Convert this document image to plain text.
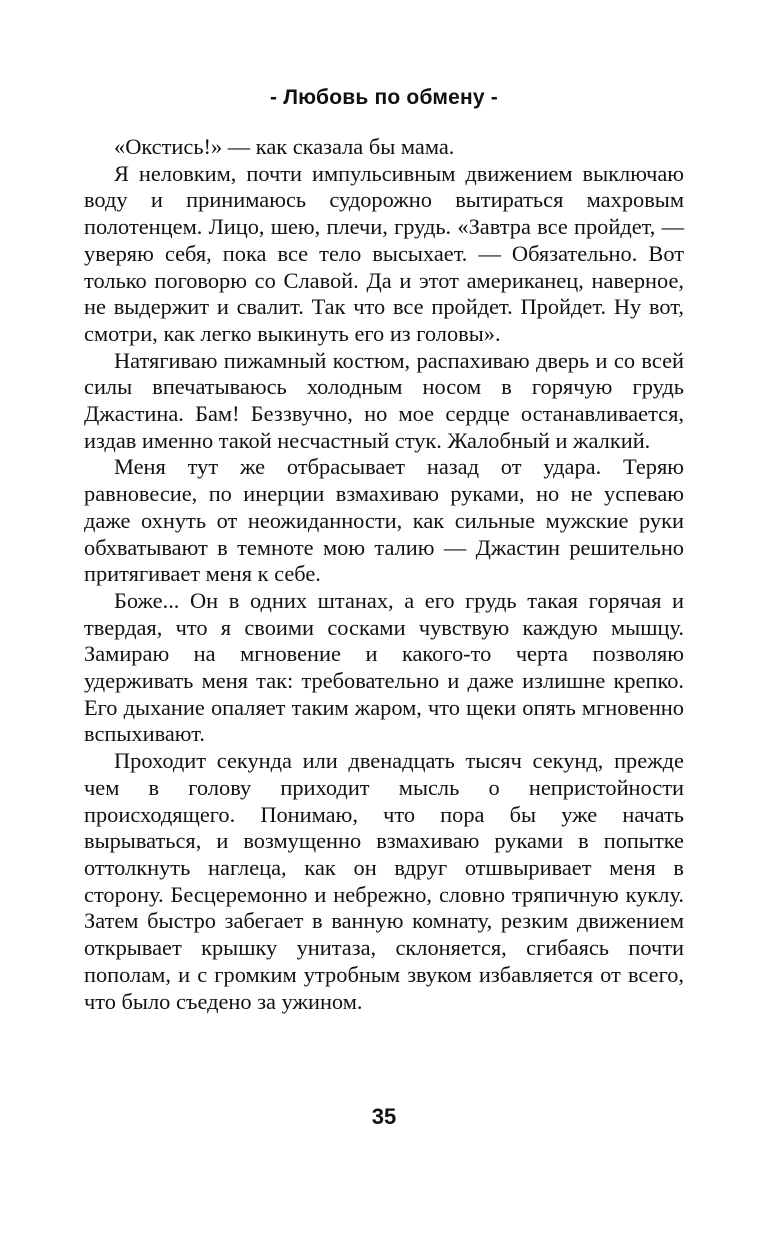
- Любовь по обмену -

«Окстись!» — как сказала бы мама.

Я неловким, почти импульсивным движением выключаю воду и принимаюсь судорожно вытираться махровым полотенцем. Лицо, шею, плечи, грудь. «Завтра все пройдет, — уверяю себя, пока все тело высыхает. — Обязательно. Вот только поговорю со Славой. Да и этот американец, наверное, не выдержит и свалит. Так что все пройдет. Пройдет. Ну вот, смотри, как легко выкинуть его из головы».

Натягиваю пижамный костюм, распахиваю дверь и со всей силы впечатываюсь холодным носом в горячую грудь Джастина. Бам! Беззвучно, но мое сердце останавливается, издав именно такой несчастный стук. Жалобный и жалкий.

Меня тут же отбрасывает назад от удара. Теряю равновесие, по инерции взмахиваю руками, но не успеваю даже охнуть от неожиданности, как сильные мужские руки обхватывают в темноте мою талию — Джастин решительно притягивает меня к себе.

Боже... Он в одних штанах, а его грудь такая горячая и твердая, что я своими сосками чувствую каждую мышцу. Замираю на мгновение и какого-то черта позволяю удерживать меня так: требовательно и даже излишне крепко. Его дыхание опаляет таким жаром, что щеки опять мгновенно вспыхивают.

Проходит секунда или двенадцать тысяч секунд, прежде чем в голову приходит мысль о непристойности происходящего. Понимаю, что пора бы уже начать вырываться, и возмущенно взмахиваю руками в попытке оттолкнуть наглеца, как он вдруг отшвыривает меня в сторону. Бесцеремонно и небрежно, словно тряпичную куклу. Затем быстро забегает в ванную комнату, резким движением открывает крышку унитаза, склоняется, сгибаясь почти пополам, и с громким утробным звуком избавляется от всего, что было съедено за ужином.

35
